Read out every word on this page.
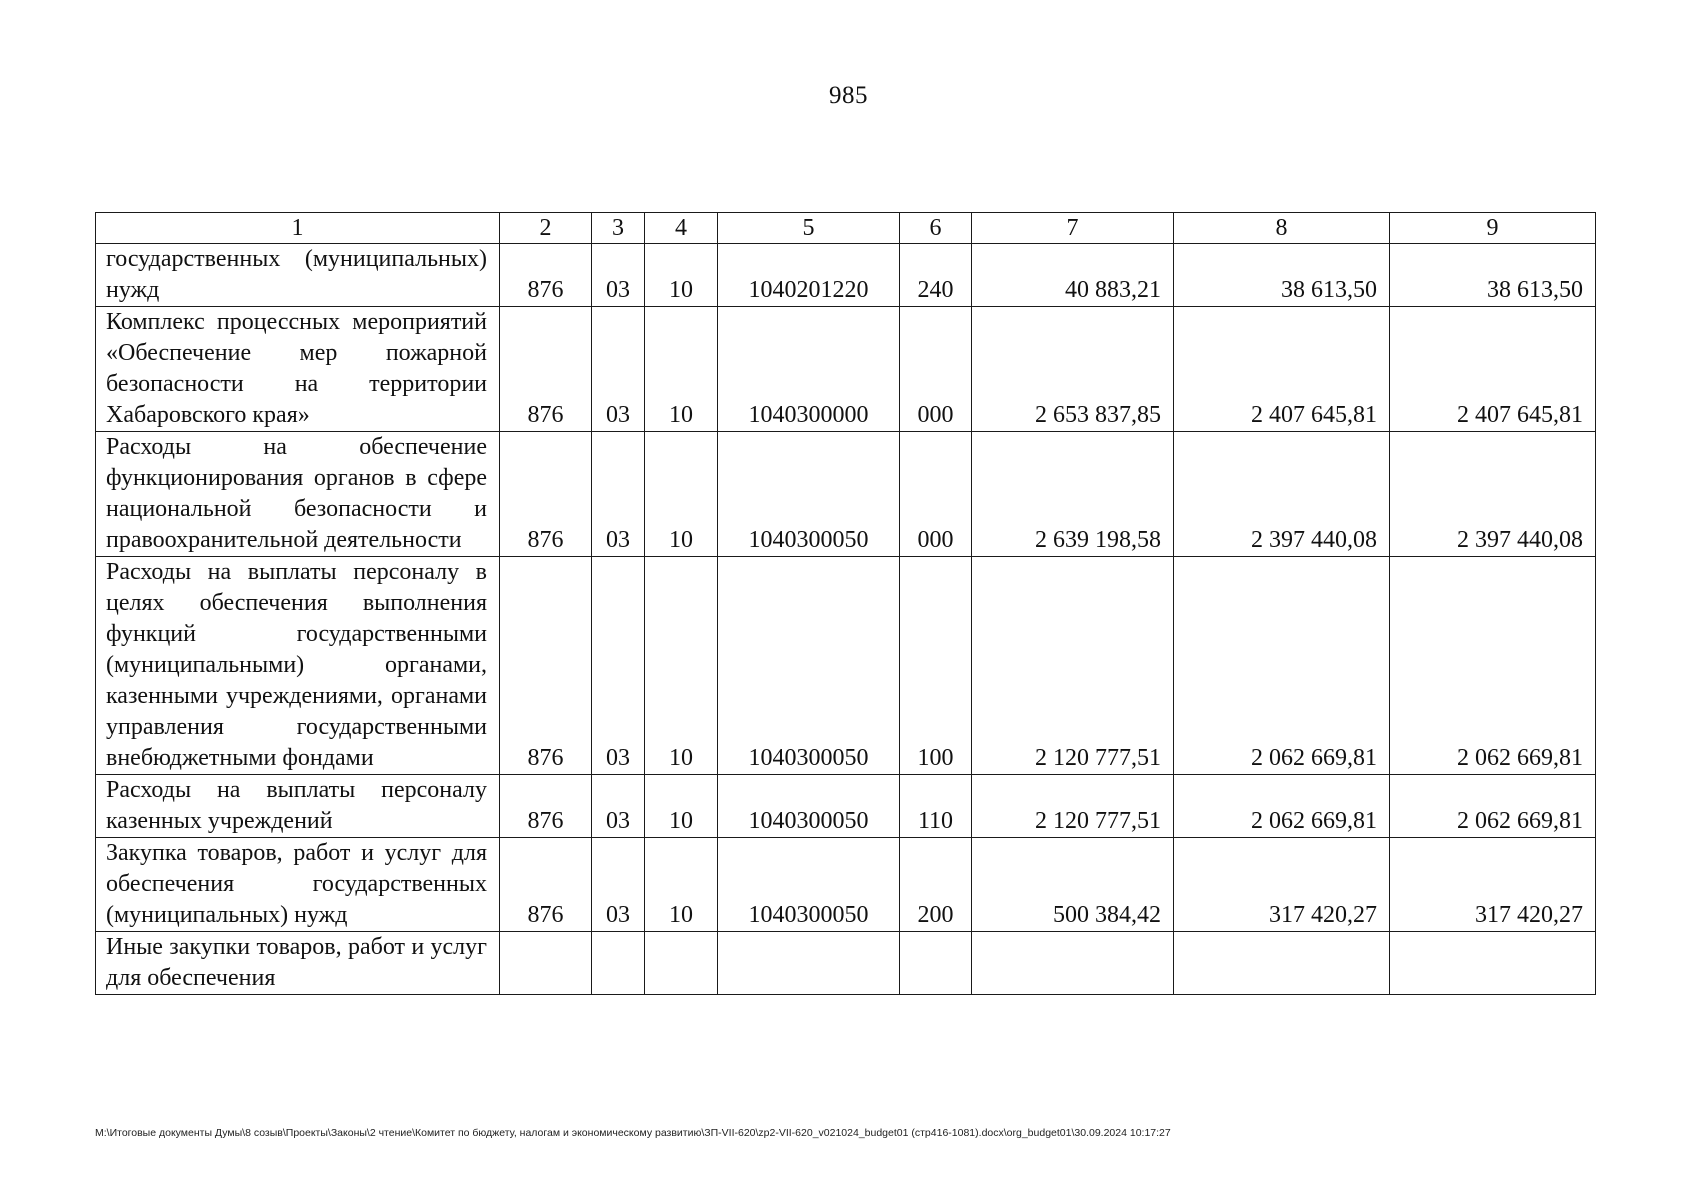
985
1	2	3	4	5	6	7	8	9
государственных (муниципальных) нужд	876	03	10	1040201220	240	40 883,21	38 613,50	38 613,50
Комплекс процессных мероприятий «Обеспечение мер пожарной безопасности на территории Хабаровского края»	876	03	10	1040300000	000	2 653 837,85	2 407 645,81	2 407 645,81
Расходы на обеспечение функционирования органов в сфере национальной безопасности и правоохранительной деятельности	876	03	10	1040300050	000	2 639 198,58	2 397 440,08	2 397 440,08
Расходы на выплаты персоналу в целях обеспечения выполнения функций государственными (муниципальными) органами, казенными учреждениями, органами управления государственными внебюджетными фондами	876	03	10	1040300050	100	2 120 777,51	2 062 669,81	2 062 669,81
Расходы на выплаты персоналу казенных учреждений	876	03	10	1040300050	110	2 120 777,51	2 062 669,81	2 062 669,81
Закупка товаров, работ и услуг для обеспечения государственных (муниципальных) нужд	876	03	10	1040300050	200	500 384,42	317 420,27	317 420,27
Иные закупки товаров, работ и услуг для обеспечения								
M:\Итоговые документы Думы\8 созыв\Проекты\Законы\2 чтение\Комитет по бюджету, налогам и экономическому развитию\ЗП-VII-620\zp2-VII-620_v021024_budget01 (стр416-1081).docx\org_budget01\30.09.2024 10:17:27
